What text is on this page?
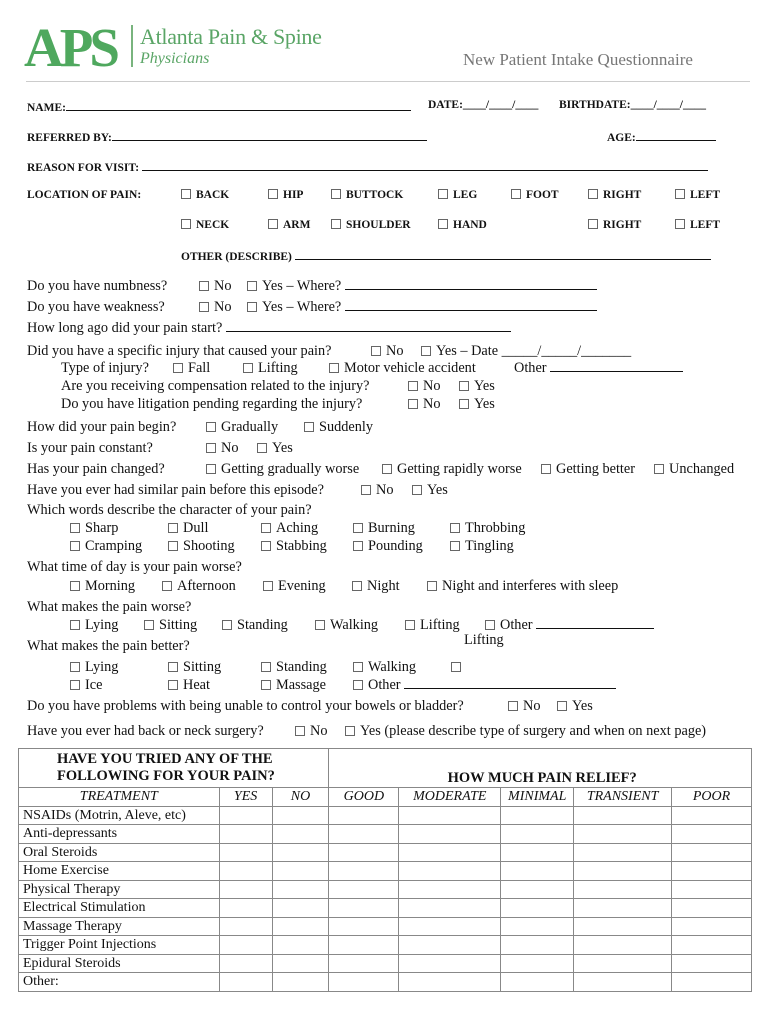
APS Atlanta Pain & Spine
Physicians	New Patient Intake Questionnaire
NAME:	DATE:____/____/____ BIRTHDATE:____/____/____
REFERRED BY:	AGE:
REASON FOR VISIT:
LOCATION OF PAIN:	BACK	HIP	BUTTOCK	LEG	FOOT	RIGHT	LEFT
NECK	ARM	SHOULDER	HAND	RIGHT	LEFT
OTHER (DESCRIBE)
Do you have numbness?	No	Yes – Where?
Do you have weakness?	No	Yes – Where?
How long ago did your pain start?
Did you have a specific injury that caused your pain?	No	Yes – Date _____/_____/_______
Type of injury?	Fall	Lifting	Motor vehicle accident	Other
Are you receiving compensation related to the injury?	No	Yes
Do you have litigation pending regarding the injury?	No	Yes
How did your pain begin?	Gradually	Suddenly
Is your pain constant?	No	Yes
Has your pain changed?	Getting gradually worse	Getting rapidly worse	Getting better	Unchanged
Have you ever had similar pain before this episode?	No	Yes
Which words describe the character of your pain?
Sharp	Dull	Aching	Burning	Throbbing
Cramping	Shooting	Stabbing	Pounding	Tingling
What time of day is your pain worse?
Morning	Afternoon	Evening	Night	Night and interferes with sleep
What makes the pain worse?
Lying	Sitting	Standing	Walking	Lifting	Other
What makes the pain better?	Lifting
Lying	Sitting	Standing	Walking
Ice	Heat	Massage	Other
Do you have problems with being unable to control your bowels or bladder?	No	Yes
Have you ever had back or neck surgery?	No	Yes (please describe type of surgery and when on next page)
HAVE YOU TRIED ANY OF THE
FOLLOWING FOR YOUR PAIN?			HOW MUCH PAIN RELIEF?				
TREATMENT	YES	NO	GOOD	MODERATE	MINIMAL	TRANSIENT	POOR
NSAIDs (Motrin, Aleve, etc)							
Anti-depressants							
Oral Steroids							
Home Exercise							
Physical Therapy							
Electrical Stimulation							
Massage Therapy							
Trigger Point Injections							
Epidural Steroids							
Other:							
